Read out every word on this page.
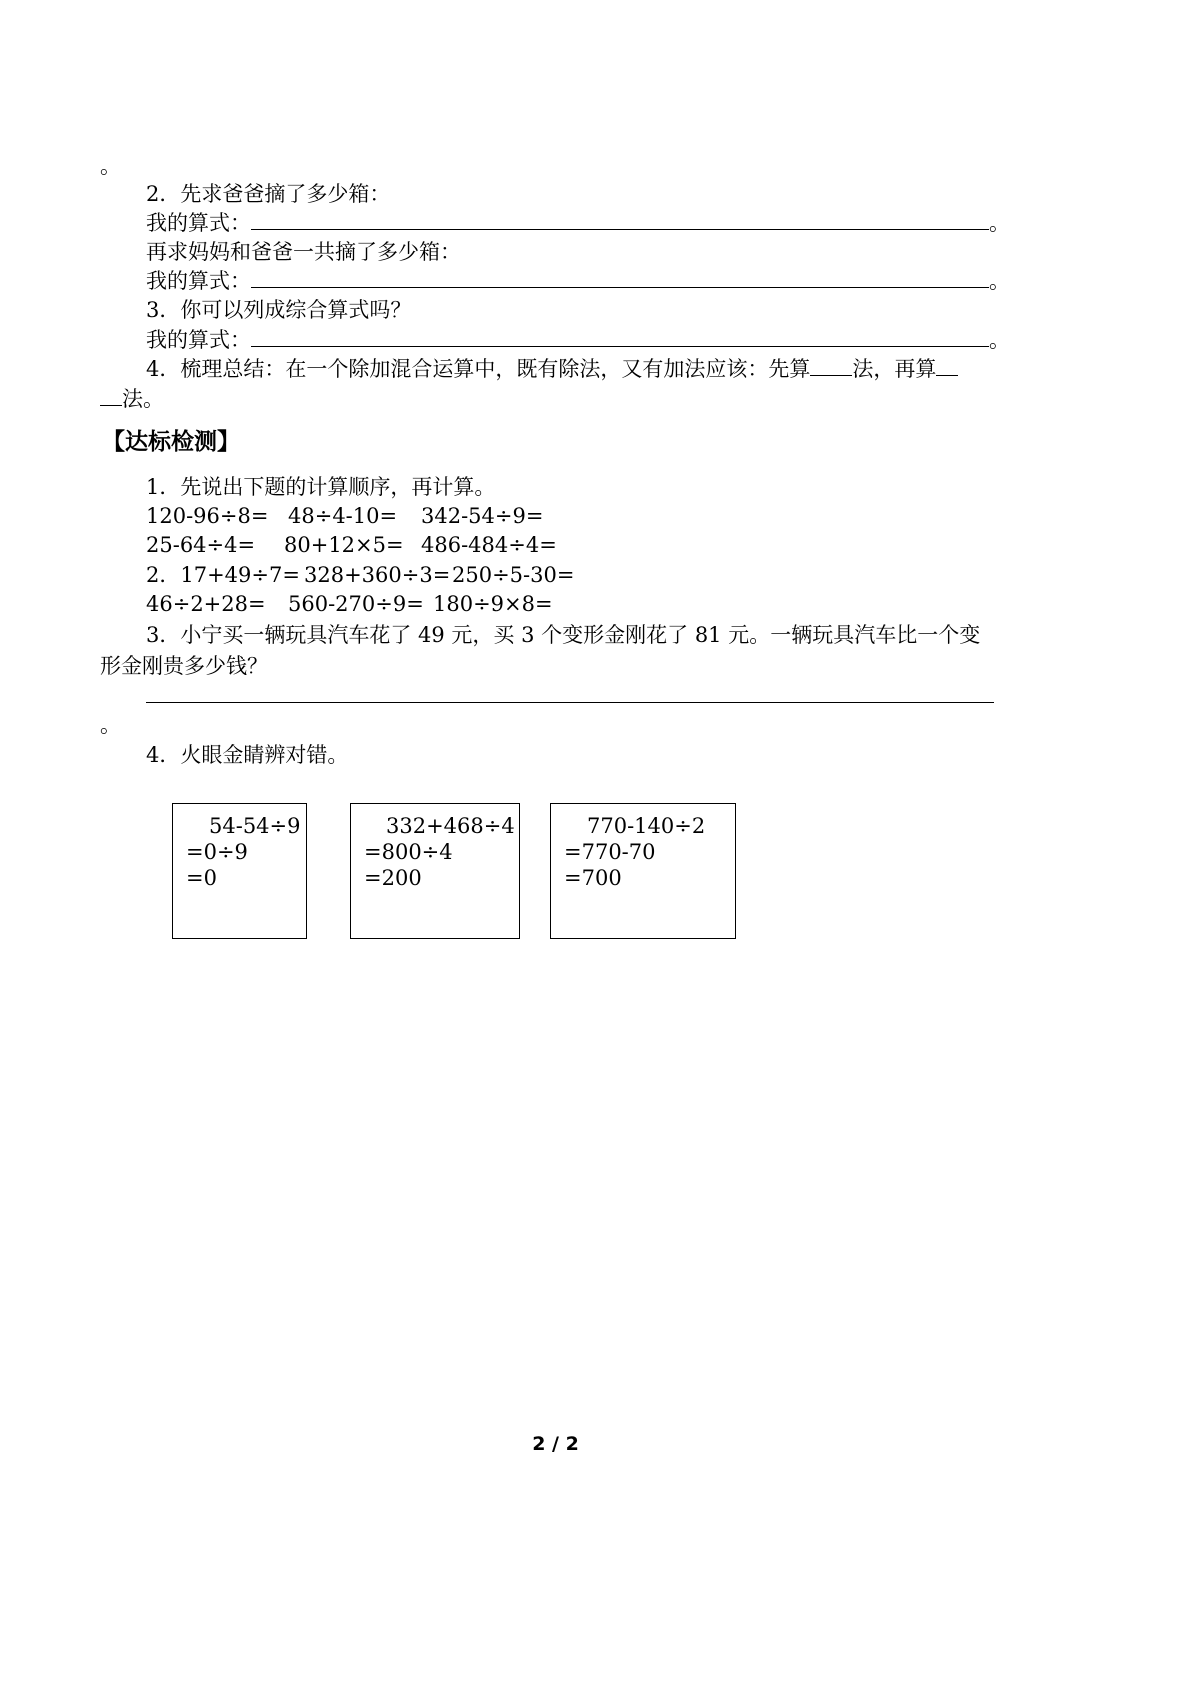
。
2．先求爸爸摘了多少箱：
我的算式：	。
再求妈妈和爸爸一共摘了多少箱：
我的算式：	。
3．你可以列成综合算式吗？
我的算式：	。
4．梳理总结：在一个除加混合运算中，既有除法，又有加法应该：先算 法，再算
法。
【达标检测】
1．先说出下题的计算顺序，再计算。
120-96÷8= 48÷4-10= 342-54÷9=
25-64÷4= 80+12×5= 486-484÷4=
2．17+49÷7= 328+360÷3=250÷5-30=
46÷2+28= 560-270÷9= 180÷9×8=
3．小宁买一辆玩具汽车花了 49 元，买 3 个变形金刚花了 81 元。一辆玩具汽车比一个变
形金刚贵多少钱？
。
4．火眼金睛辨对错。
54-54÷9
=0÷9
=0
332+468÷4
=800÷4
=200
770-140÷2
=770-70
=700
2 / 2
